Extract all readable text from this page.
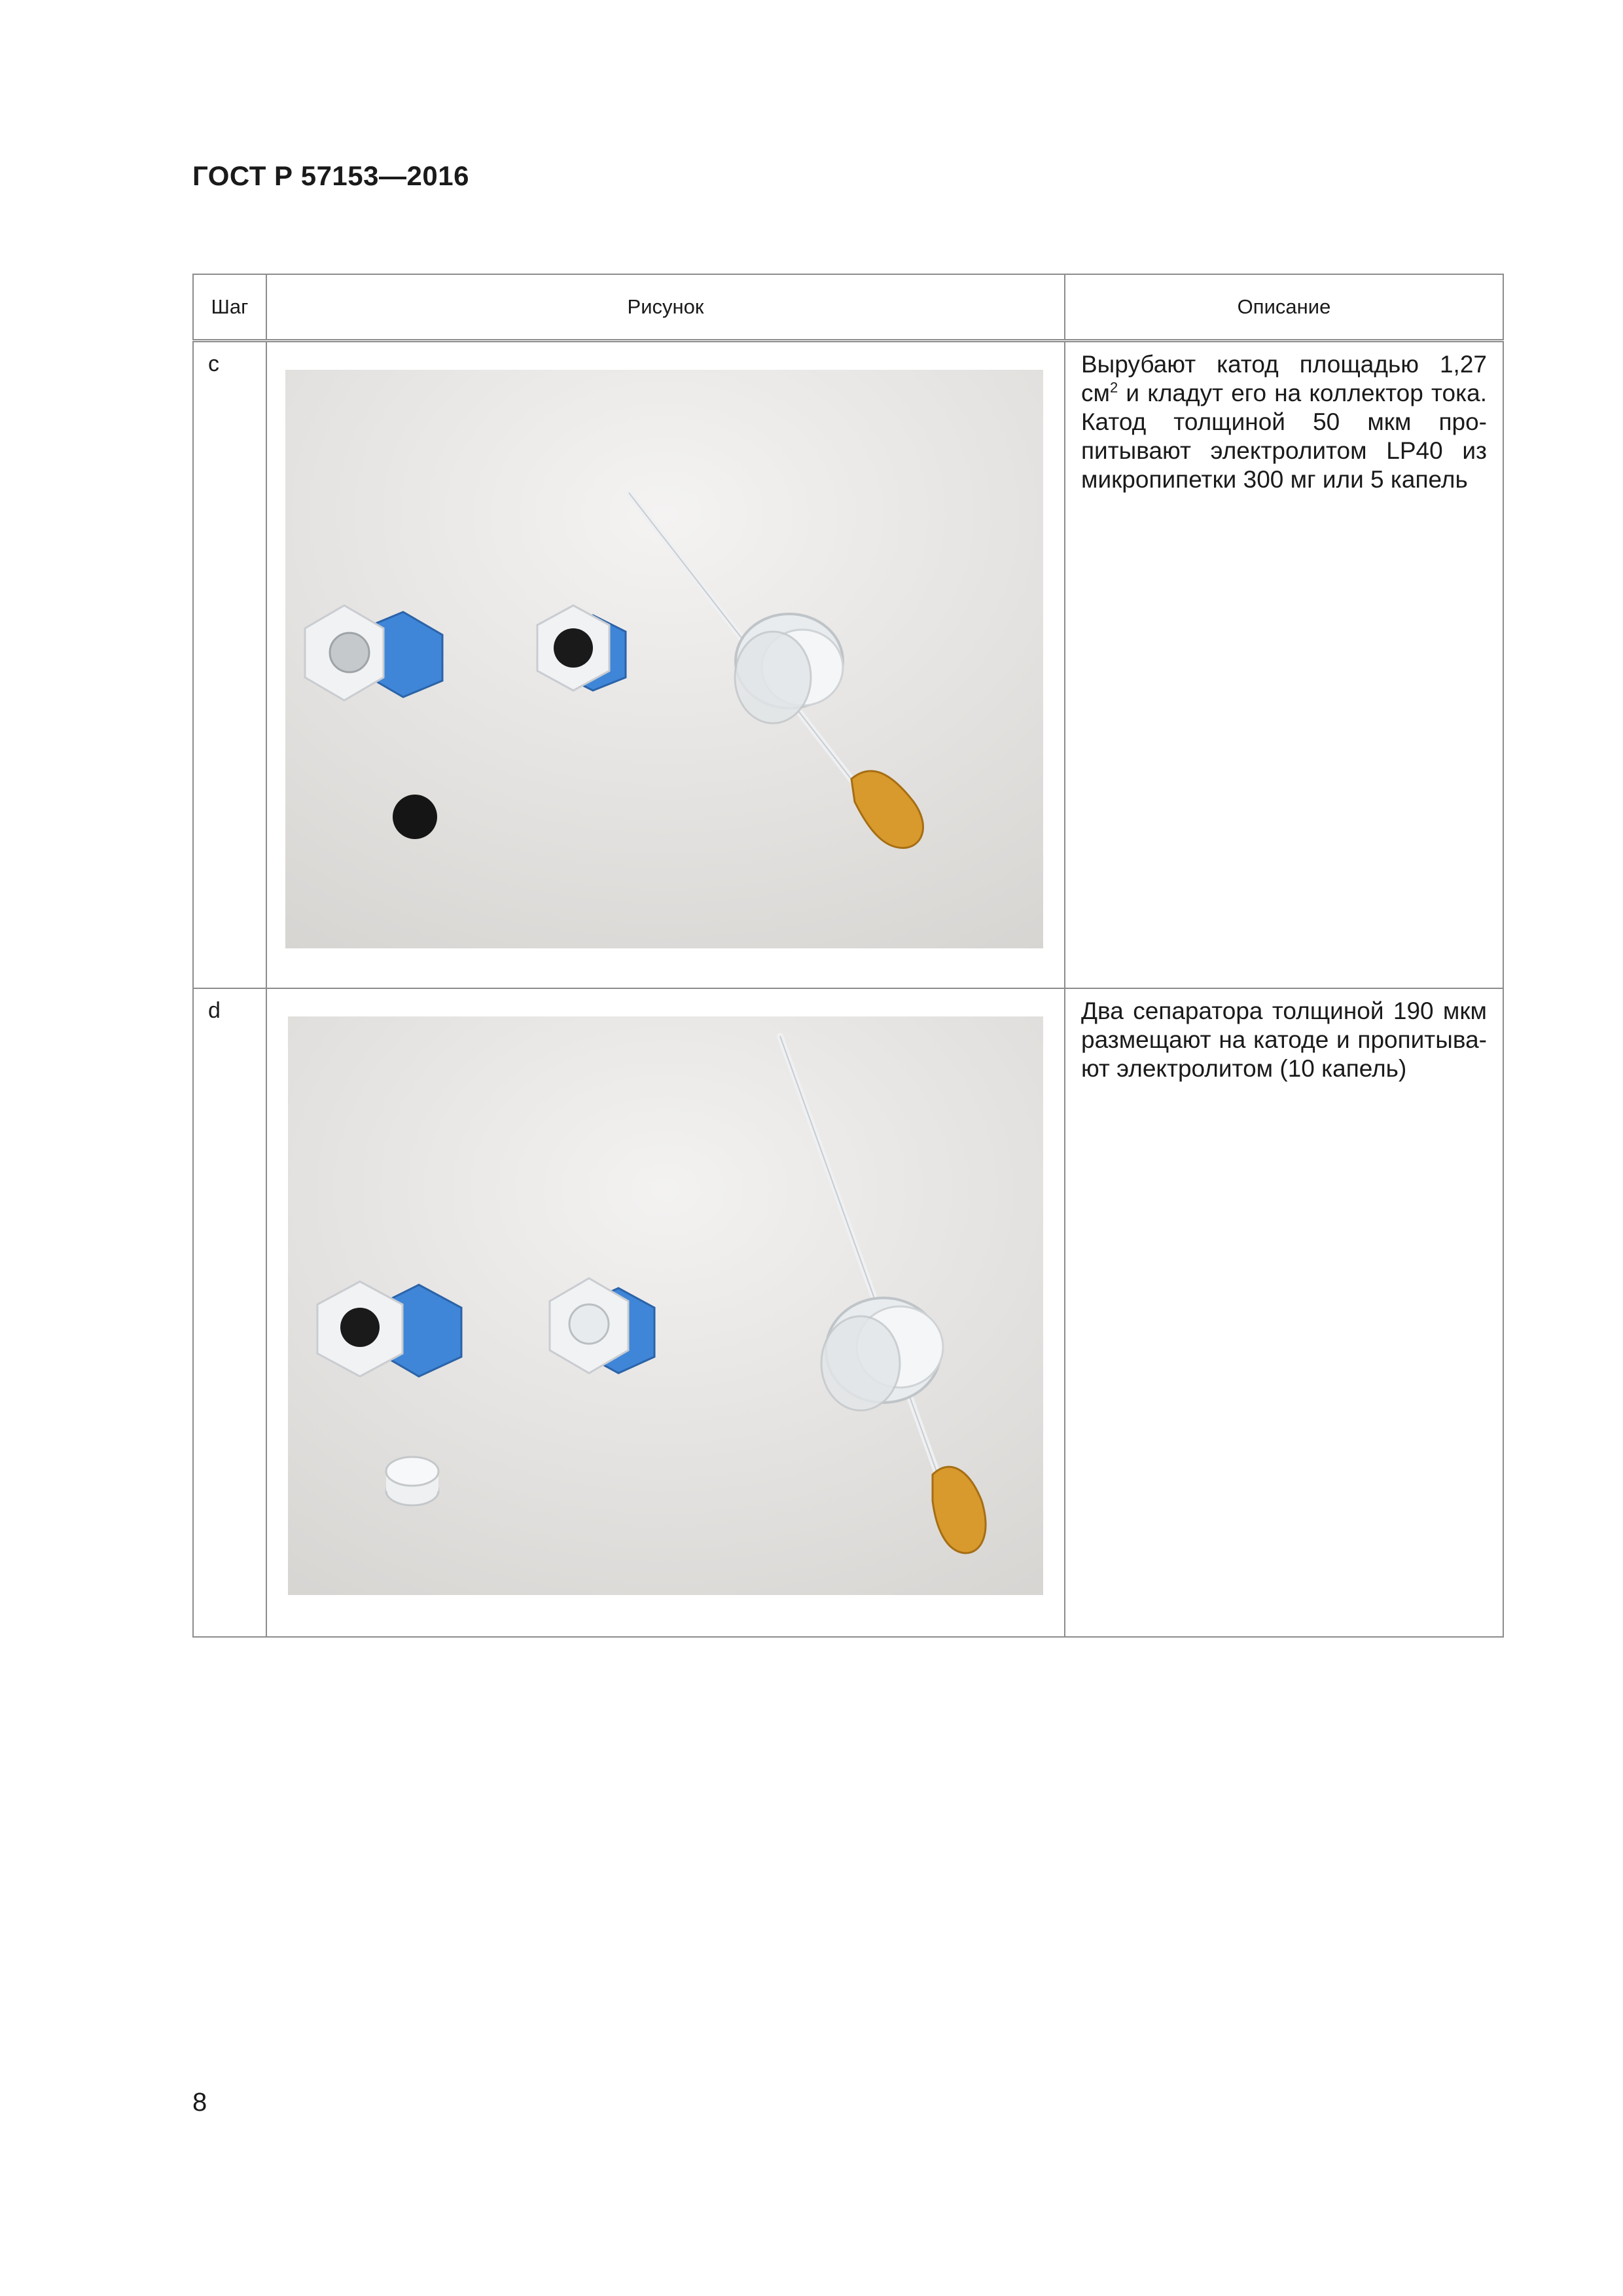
ГОСТ Р 57153—2016
Шаг	Рисунок	Описание
c		Вырубают катод площадью 1,27 $см^2$ и кладут его на коллектор тока. Катод толщиной 50 мкм пропитывают электролитом LP40 из микропипетки 300 мг или 5 капель
d		Два сепаратора толщиной 190 мкм размещают на катоде и пропитывают электролитом (10 капель)
8
